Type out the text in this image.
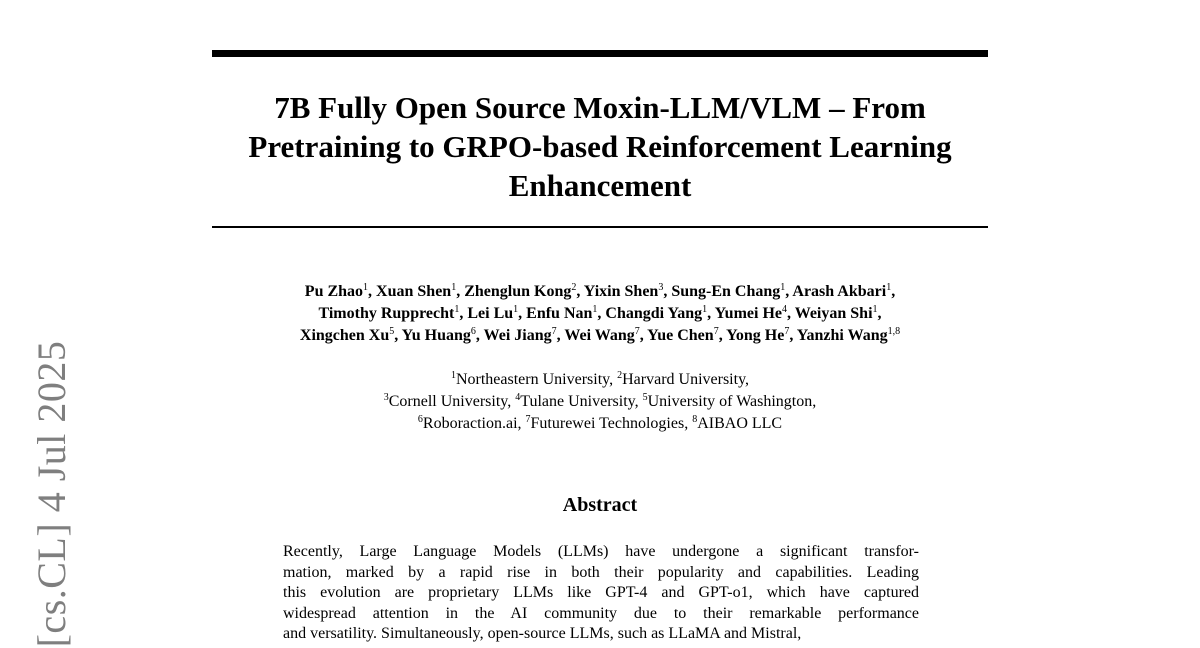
7B Fully Open Source Moxin-LLM/VLM – From
Pretraining to GRPO-based Reinforcement Learning
Enhancement
Pu Zhao$^1$, Xuan Shen$^1$, Zhenglun Kong$^2$, Yixin Shen$^3$, Sung-En Chang$^1$, Arash Akbari$^1$,
Timothy Rupprecht$^1$, Lei Lu$^1$, Enfu Nan$^1$, Changdi Yang$^1$, Yumei He$^4$, Weiyan Shi$^1$,
Xingchen Xu$^5$, Yu Huang$^6$, Wei Jiang$^7$, Wei Wang$^7$, Yue Chen$^7$, Yong He$^7$, Yanzhi Wang$^{1,8}$
$^1$Northeastern University, $^2$Harvard University,
$^3$Cornell University, $^4$Tulane University, $^5$University of Washington,
$^6$Roboraction.ai, $^7$Futurewei Technologies, $^8$AIBAO LLC
Abstract
Recently, Large Language Models (LLMs) have undergone a significant transfor-
mation, marked by a rapid rise in both their popularity and capabilities. Leading
this evolution are proprietary LLMs like GPT-4 and GPT-o1, which have captured
widespread attention in the AI community due to their remarkable performance
and versatility. Simultaneously, open-source LLMs, such as LLaMA and Mistral,
[cs.CL] 4 Jul 2025
